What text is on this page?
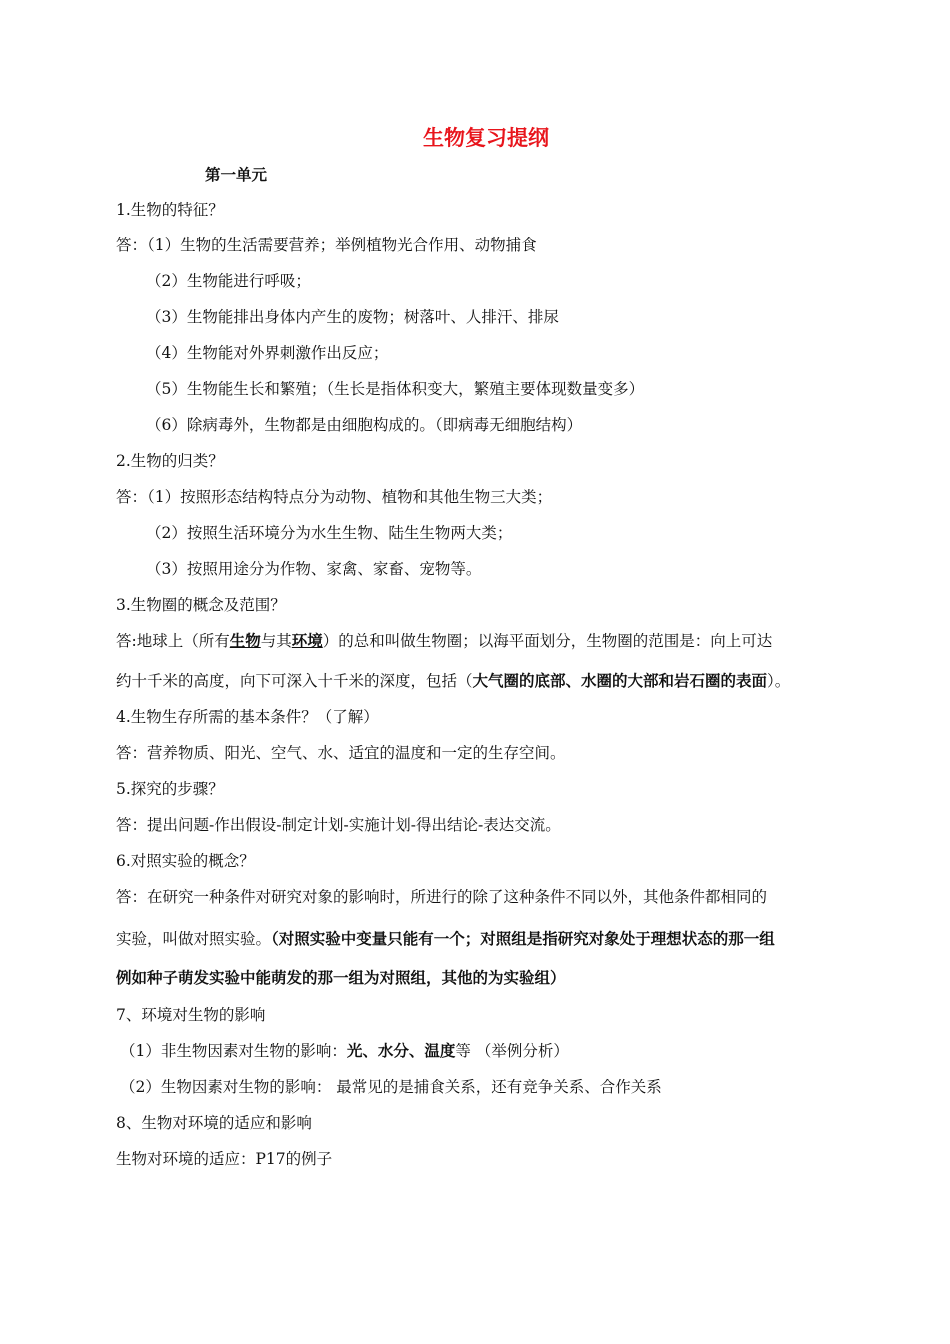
生物复习提纲
第一单元
1.生物的特征？
答：（1）生物的生活需要营养；举例植物光合作用、动物捕食
（2）生物能进行呼吸；
（3）生物能排出身体内产生的废物；树落叶、人排汗、排尿
（4）生物能对外界刺激作出反应；
（5）生物能生长和繁殖；（生长是指体积变大，繁殖主要体现数量变多）
（6）除病毒外，生物都是由细胞构成的。（即病毒无细胞结构）
2.生物的归类？
答：（1）按照形态结构特点分为动物、植物和其他生物三大类；
（2）按照生活环境分为水生生物、陆生生物两大类；
（3）按照用途分为作物、家禽、家畜、宠物等。
3.生物圈的概念及范围？
答:地球上（所有生物与其环境）的总和叫做生物圈；以海平面划分，生物圈的范围是：向上可达
约十千米的高度，向下可深入十千米的深度，包括（大气圈的底部、水圈的大部和岩石圈的表面）。
4.生物生存所需的基本条件？（了解）
答：营养物质、阳光、空气、水、适宜的温度和一定的生存空间。
5.探究的步骤？
答：提出问题-作出假设-制定计划-实施计划-得出结论-表达交流。
6.对照实验的概念？
答：在研究一种条件对研究对象的影响时，所进行的除了这种条件不同以外，其他条件都相同的
实验，叫做对照实验。（对照实验中变量只能有一个；对照组是指研究对象处于理想状态的那一组
例如种子萌发实验中能萌发的那一组为对照组，其他的为实验组）
7、环境对生物的影响
（1）非生物因素对生物的影响：光、水分、温度等 （举例分析）
（2）生物因素对生物的影响： 最常见的是捕食关系，还有竞争关系、合作关系
8、生物对环境的适应和影响
生物对环境的适应：P17的例子
